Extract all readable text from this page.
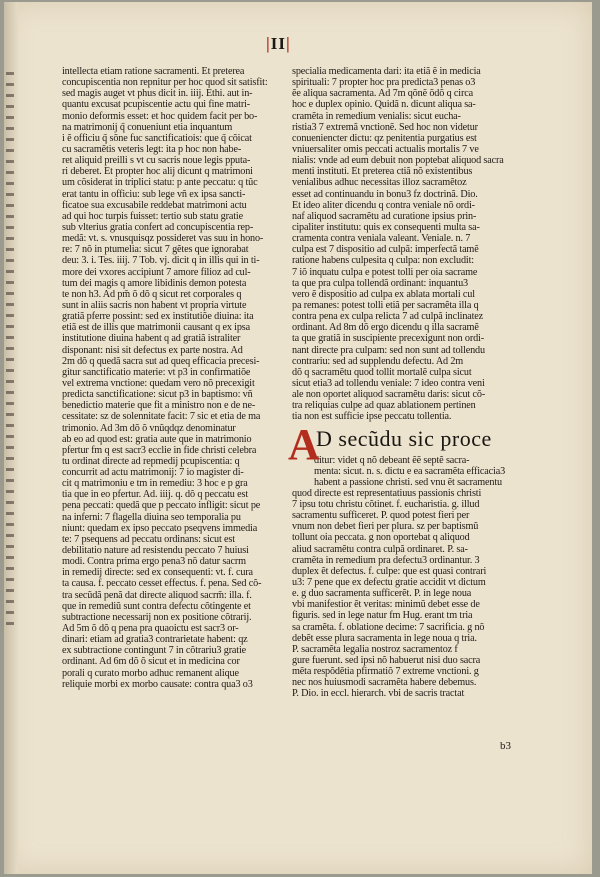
|II|
intellecta etiam ratione sacramenti. Et preterea
concupiscentia non repnitur per hoc quod sit satisfit:
sed magis auget vt phus dicit in. iiij. Ethi. aut in-
quantu excusat pcupiscentie actu qui fine matri-
monio deformis esset: et hoc quidem facit per bo-
na matrimonij q̃ conueniunt etia inquantum
i ẽ officiu q̃ sõne fuc sanctificatiois: que q̃ cõicat
cu sacramẽtis veteris legt: ita p hoc non habe-
ret aliquid preilli s vt cu sacris noue legis pputa-
ri deberet. Et propter hoc alij dicunt q matrimoni
um cõsiderat in triplici statu: p ante peccatu: q tũc
erat tantu in officiu: sub lege vñ ex ipsa sancti-
ficatoe sua excusabile reddebat matrimoni actu
ad qui hoc turpis fuisset: tertio sub statu gratie
sub vlterius gratia confert ad concupiscentia rep-
medã: vt. s. vnusquisqz possideret vas suu in hono-
re: 7 nõ in ptumelia: sicut 7 gẽtes que ignorabat
deu: 3. i. Tes. iiij. 7 Tob. vj. dicit q in illis qui in ti-
more dei vxores accipiunt 7 amore filioz ad cul-
tum dei magis q amore libidinis demon potesta
te non h3. Ad pm̃ õ dõ q sicut ret corporales q
sunt in aliis sacris non habent vt propria virtute
gratiã pferre possint: sed ex institutiõe diuina: ita
etiã est de illis que matrimonii causant q ex ipsa
institutione diuina habent q ad gratiã istraliter
disponant: nisi sit defectus ex parte nostra. Ad
2m dõ q quedã sacra sut ad queq efficacia precesi-
gitur sanctificatio materie: vt p3 in confirmatiõe
vel extrema vnctione: quedam vero nõ precexigit
predicta sanctificatione: sicut p3 in baptismo: vñ
benedictio materie que fit a ministro non e de ne-
cessitate: sz de solennitate facit: 7 sic et etia de ma
trimonio. Ad 3m dõ õ vnũqdqz denominatur
ab eo ad quod est: gratia aute que in matrimonio
pfertur fm q est sacr3 ecclie in fide christi celebra
tu ordinat directe ad repmedij pcupiscentia: q
concurrit ad actu matrimonij: 7 io magister di-
cit q matrimoniu e tm in remediu: 3 hoc e p gra
tia que in eo pfertur. Ad. iiij. q. dõ q peccatu est
pena peccati: quedã que p peccato infligit: sicut pe
na inferni: 7 flagella diuina seo temporalia pu
niunt: quedam ex ipso peccato pseqvens immedia
te: 7 psequens ad peccatu ordinans: sicut est
debilitatio nature ad resistendu peccato 7 huiusi
modi. Contra prima ergo pena3 nõ datur sacrm
in remedij directe: sed ex consequenti: vt. f. cura
ta causa. f. peccato cesset effectus. f. pena. Sed cõ-
tra secũdã penã dat directe aliquod sacrm̃: illa. f.
que in remediũ sunt contra defectu cõtingente et
subtractione necessarij non ex positione cõtrarij.
Ad 5m õ dõ q pena pra quaoictu est sacr3 or-
dinari: etiam ad gratia3 contrarietate habent: qz
ex subtractione contingunt 7 in cõtrariu3 gratie
ordinant. Ad 6m dõ õ sicut et in medicina cor
porali q curato morbo adhuc remanent alique
reliquie morbi ex morbo causate: contra qua3 o3
specialia medicamenta dari: ita etiã ẽ in medicia
spirituali: 7 propter hoc pra predicta3 penas o3
ẽe aliqua sacramenta. Ad 7m qõnẽ õdõ q circa
hoc e duplex opinio. Quidã n. dicunt aliqua sa-
cramẽta in remedium venialis: sicut eucha-
ristia3 7 extremã vnctionẽ. Sed hoc non videtur
conueniencter dictu: qz penitentia purgatius est
vniuersaliter omis peccati actualis mortalis 7 ve
nialis: vnde ad eum debuit non poptebat aliquod sacra
menti instituti. Et preterea ctiã nõ existentibus
venialibus adhuc necessitas illoz sacramẽtoz
esset ad continuandu in bonu3 fz doctrinã. Dio.
Et ideo aliter dicendu q contra veniale nõ ordi-
naf aliquod sacramẽtu ad curatione ipsius prin-
cipaliter institutu: quis ex consequenti multa sa-
cramenta contra veniala valeant. Veniale. n. 7
culpa est 7 dispositio ad culpã: imperfectã tamẽ
ratione habens culpesita q culpa: non excludit:
7 iõ inquatu culpa e potest tolli per oia sacrame
ta que pra culpa tollendã ordinant: inquantu3
vero ẽ dispositio ad culpa ex ablata mortali cul
pa remanes: potest tolli etiã per sacramẽta illa q
contra pena ex culpa relicta 7 ad culpã inclinatez
ordinant. Ad 8m dõ ergo dicendu q illa sacramẽ
ta que gratiã in suscipiente precexigunt non ordi-
nant directe pra culpam: sed non sunt ad tollendu
contrariu: sed ad supplendu defectu. Ad 2m
dõ q sacramẽtu quod tollit mortalẽ culpa sicut
sicut etia3 ad tollendu veniale: 7 ideo contra veni
ale non oportet aliquod sacramẽtu daris: sicut cõ-
tra reliquias culpe ad quaz ablationem pertinen
tia non est sufficie ipse peccatu tollentia.
A
D secũdu sic proce
ditur: videt q nõ debeant ẽẽ septẽ sacra-
menta: sicut. n. s. dictu e ea sacramẽta efficacia3
habent a passione christi. sed vnu ẽt sacramentu
quod directe est representatiuus passionis christi
7 ipsu totu christu cõtinet. f. eucharistia. g. illud
sacramentu sufficeret. P. quod potest fieri per
vnum non debet fieri per plura. sz per baptismũ
tollunt oia peccata. g non oportebat q aliquod
aliud sacramẽtu contra culpã ordinaret. P. sa-
cramẽta in remedium pra defectu3 ordinantur. 3
duplex ẽt defectus. f. culpe: que est quasi contrari
u3: 7 pene que ex defectu gratie accidit vt dictum
e. g duo sacramenta sufficerẽt. P. in lege noua
vbi manifestior ẽt veritas: minimũ debet esse de
figuris. sed in lege natur fm Hug. erant tm tria
sa cramẽta. f. oblatione decime: 7 sacrificia. g nõ
debẽt esse plura sacramenta in lege noua q tria.
P. sacramẽta legalia nostroz sacramentoz f
gure fuerunt. sed ipsi nõ habuerut nisi duo sacra
mẽta respõdẽtia pfirmatiõ 7 extreme vnctioni. g
nec nos huiusmodi sacramẽta habere debemus.
P. Dio. in eccl. hierarch. vbi de sacris tractat
b3
